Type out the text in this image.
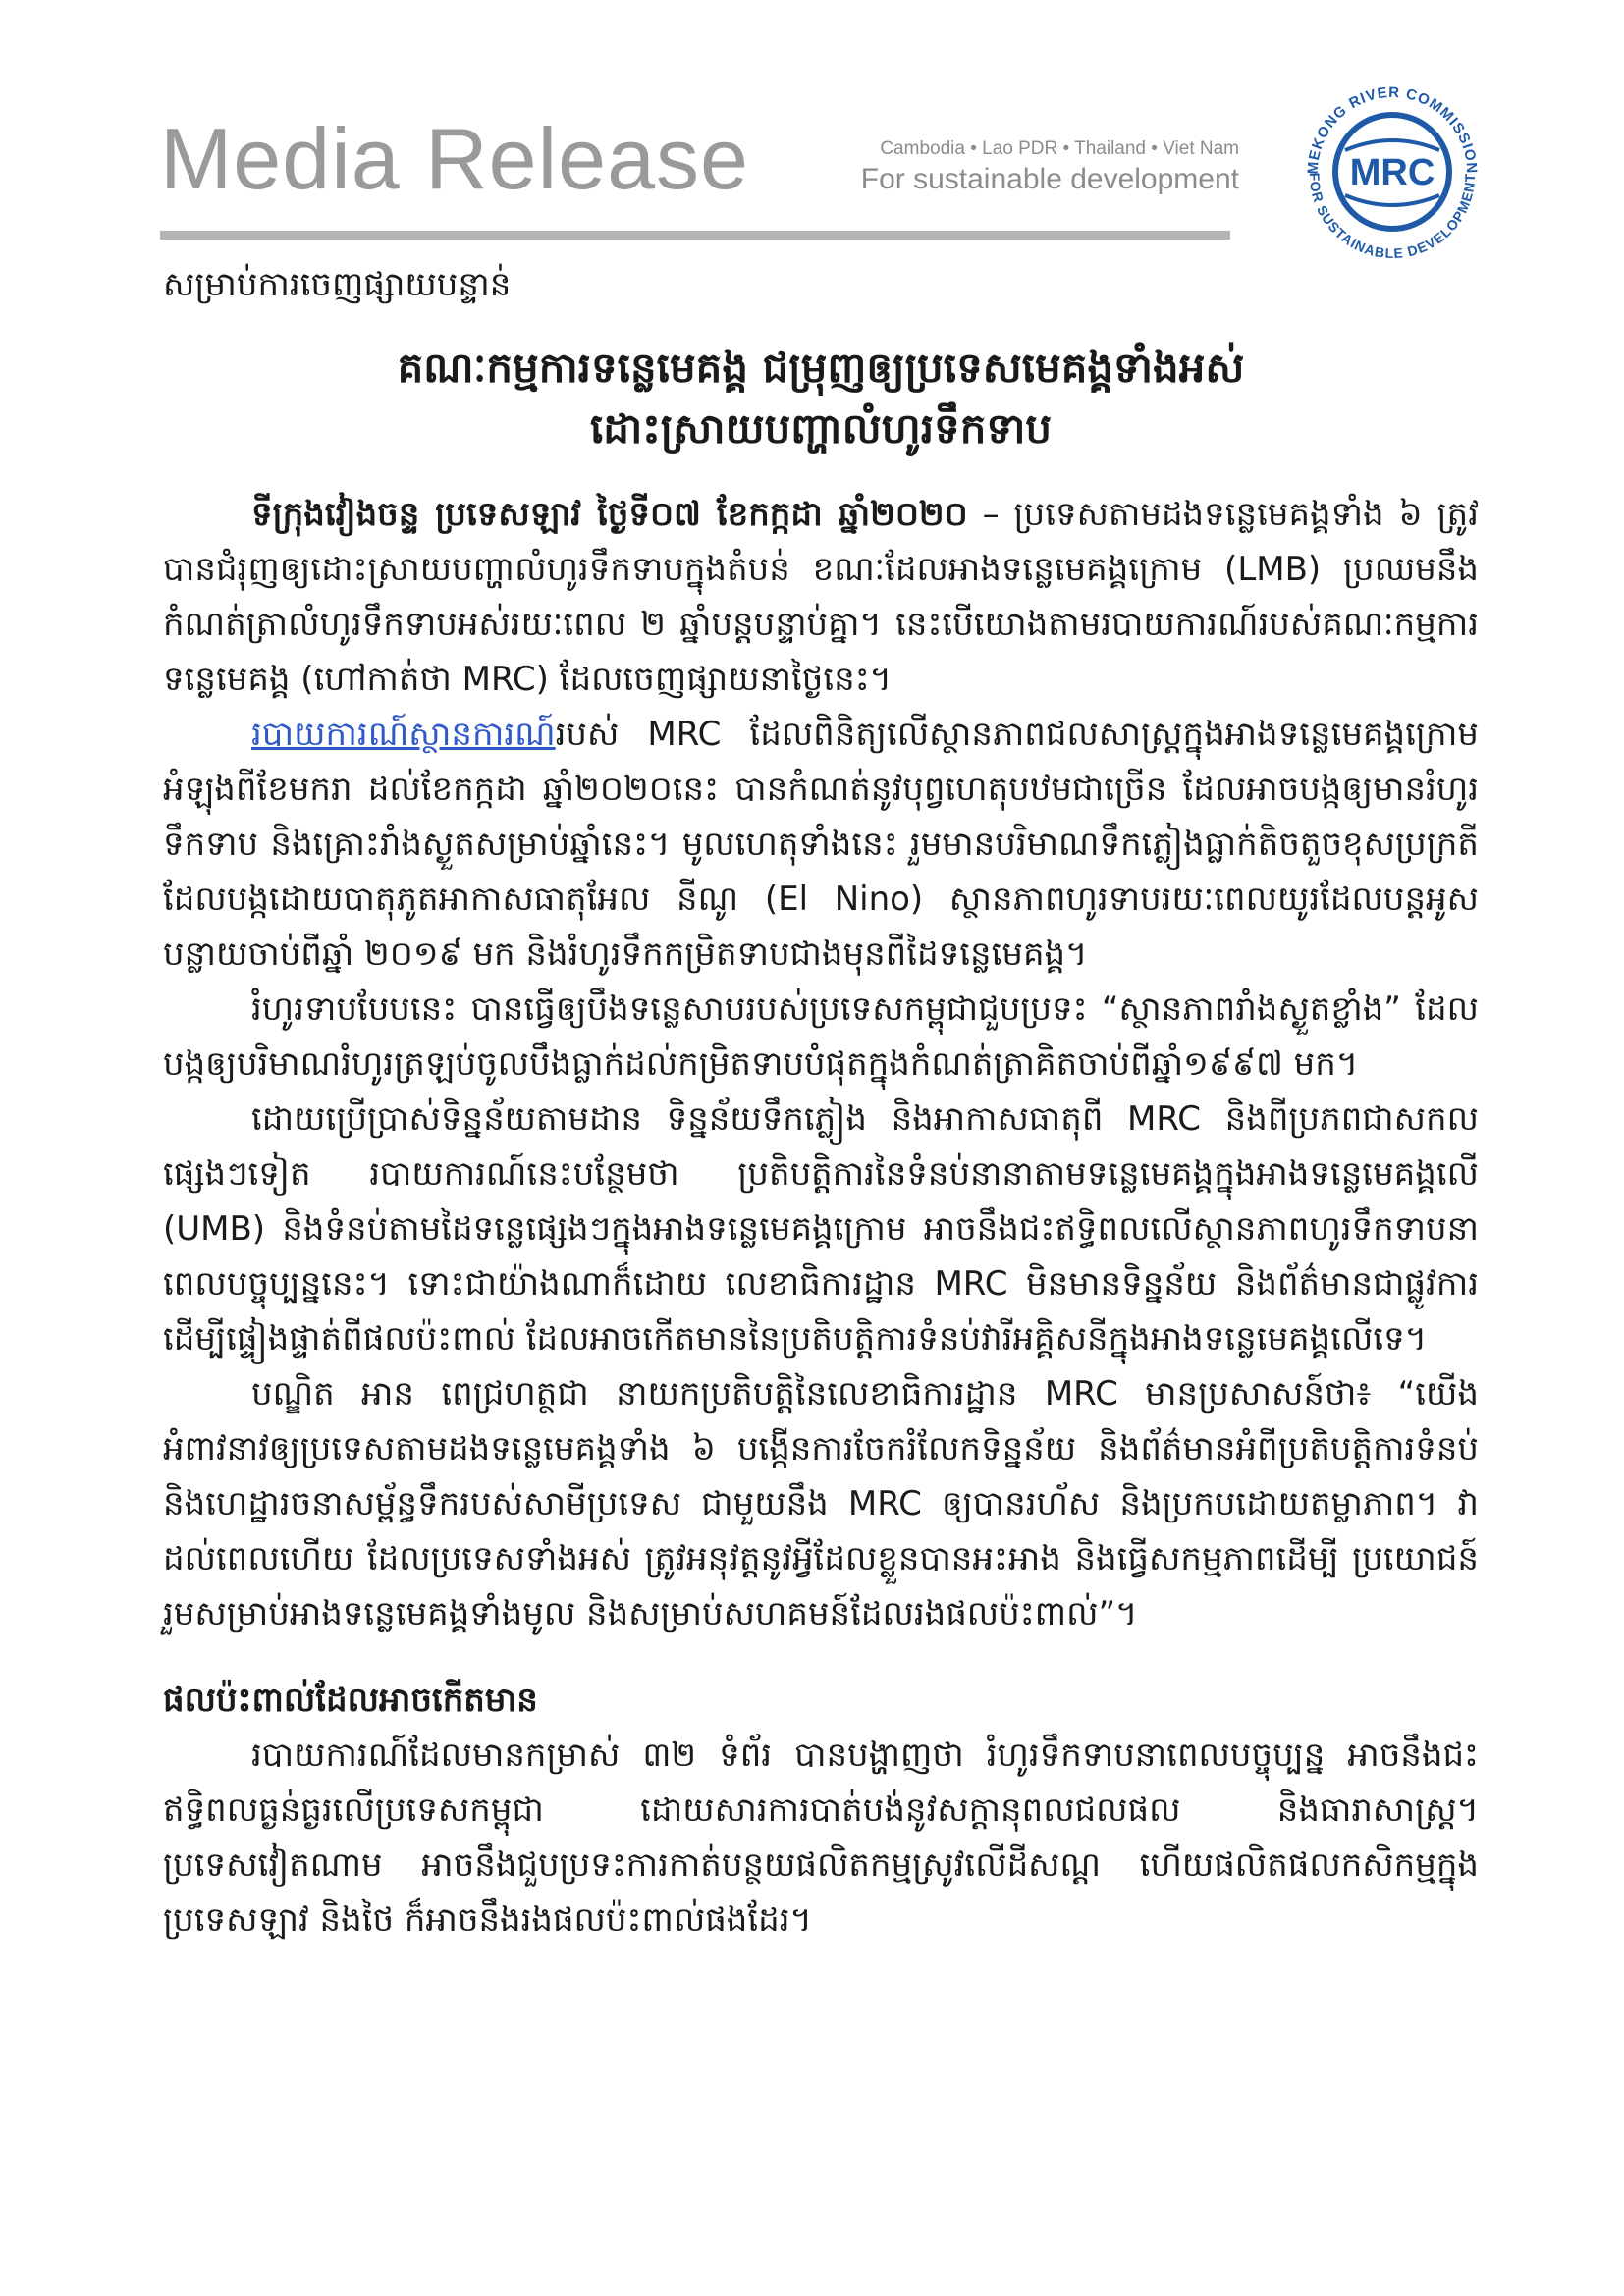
Media Release	Cambodia • Lao PDR • Thailand • Viet Nam
For sustainable development	MEKONG RIVER COMMISSION
FOR SUSTAINABLE DEVELOPMENT
MRC

សម្រាប់ការចេញផ្សាយបន្ទាន់

គណៈកម្មការទន្លេមេគង្គ ជម្រុញឲ្យប្រទេសមេគង្គទាំងអស់
ដោះស្រាយបញ្ហាលំហូរទឹកទាប

ទីក្រុងវៀងចន្ទ ប្រទេសឡាវ ថ្ងៃទី០៧ ខែកក្កដា ឆ្នាំ២០២០ – ប្រទេសតាមដងទន្លេមេគង្គទាំង ៦ ត្រូវបានជំរុញឲ្យដោះស្រាយបញ្ហាលំហូរទឹកទាបក្នុងតំបន់ ខណៈដែលអាងទន្លេមេគង្គក្រោម (LMB) ប្រឈមនឹងកំណត់ត្រាលំហូរទឹកទាបអស់រយៈពេល ២ ឆ្នាំបន្តបន្ទាប់គ្នា។ នេះបើយោងតាមរបាយការណ៍របស់គណៈកម្មការទន្លេមេគង្គ (ហៅកាត់ថា MRC) ដែលចេញផ្សាយនាថ្ងៃនេះ។

របាយការណ៍ស្ថានការណ៍របស់ MRC ដែលពិនិត្យលើស្ថានភាពជលសាស្ត្រក្នុងអាងទន្លេមេគង្គក្រោម អំឡុងពីខែមករា ដល់ខែកក្កដា ឆ្នាំ២០២០នេះ បានកំណត់នូវបុព្វហេតុបឋមជាច្រើន ដែលអាចបង្កឲ្យមានរំហូរទឹកទាប និងគ្រោះរាំងស្ងួតសម្រាប់ឆ្នាំនេះ។ មូលហេតុទាំងនេះ រួមមានបរិមាណទឹកភ្លៀងធ្លាក់តិចតួចខុសប្រក្រតីដែលបង្កដោយបាតុភូតអាកាសធាតុអែល នីណូ (El Nino) ស្ថានភាពហូរទាបរយៈពេលយូរដែលបន្តអូសបន្លាយចាប់ពីឆ្នាំ ២០១៩ មក និងរំហូរទឹកកម្រិតទាបជាងមុនពីដៃទន្លេមេគង្គ។

រំហូរទាបបែបនេះ បានធ្វើឲ្យបឹងទន្លេសាបរបស់ប្រទេសកម្ពុជាជួបប្រទះ “ស្ថានភាពរាំងស្ងួតខ្លាំង” ដែលបង្កឲ្យបរិមាណរំហូរត្រឡប់ចូលបឹងធ្លាក់ដល់កម្រិតទាបបំផុតក្នុងកំណត់ត្រាគិតចាប់ពីឆ្នាំ១៩៩៧ មក។

ដោយប្រើប្រាស់ទិន្នន័យតាមដាន ទិន្នន័យទឹកភ្លៀង និងអាកាសធាតុពី MRC និងពីប្រភពជាសកលផ្សេងៗទៀត របាយការណ៍នេះបន្ថែមថា ប្រតិបត្តិការនៃទំនប់នានាតាមទន្លេមេគង្គក្នុងអាងទន្លេមេគង្គលើ (UMB) និងទំនប់តាមដៃទន្លេផ្សេងៗក្នុងអាងទន្លេមេគង្គក្រោម អាចនឹងជះឥទ្ធិពលលើស្ថានភាពហូរទឹកទាបនាពេលបច្ចុប្បន្ននេះ។ ទោះជាយ៉ាងណាក៏ដោយ លេខាធិការដ្ឋាន MRC មិនមានទិន្នន័យ និងព័ត៌មានជាផ្លូវការ ដើម្បីផ្ទៀងផ្ទាត់ពីផលប៉ះពាល់ ដែលអាចកើតមាននៃប្រតិបត្តិការទំនប់វារីអគ្គិសនីក្នុងអាងទន្លេមេគង្គលើទេ។

បណ្ឌិត អាន ពេជ្រហត្ថជា នាយកប្រតិបត្តិនៃលេខាធិការដ្ឋាន MRC មានប្រសាសន៍ថា៖ “យើងអំពាវនាវឲ្យប្រទេសតាមដងទន្លេមេគង្គទាំង ៦ បង្កើនការចែករំលែកទិន្នន័យ និងព័ត៌មានអំពីប្រតិបត្តិការទំនប់ និងហេដ្ឋារចនាសម្ព័ន្ធទឹករបស់សាមីប្រទេស ជាមួយនឹង MRC ឲ្យបានរហ័ស និងប្រកបដោយតម្លាភាព។ វាដល់ពេលហើយ ដែលប្រទេសទាំងអស់ ត្រូវអនុវត្តនូវអ្វីដែលខ្លួនបានអះអាង និងធ្វើសកម្មភាពដើម្បី ប្រយោជន៍រួមសម្រាប់អាងទន្លេមេគង្គទាំងមូល និងសម្រាប់សហគមន៍ដែលរងផលប៉ះពាល់”។

ផលប៉ះពាល់ដែលអាចកើតមាន

របាយការណ៍ដែលមានកម្រាស់ ៣២ ទំព័រ បានបង្ហាញថា រំហូរទឹកទាបនាពេលបច្ចុប្បន្ន អាចនឹងជះឥទ្ធិពលធ្ងន់ធ្ងរលើប្រទេសកម្ពុជា ដោយសារការបាត់បង់នូវសក្ដានុពលជលផល និងធារាសាស្ត្រ។ ប្រទេសវៀតណាម អាចនឹងជួបប្រទះការកាត់បន្ថយផលិតកម្មស្រូវលើដីសណ្ដ ហើយផលិតផលកសិកម្មក្នុងប្រទេសឡាវ និងថៃ ក៏អាចនឹងរងផលប៉ះពាល់ផងដែរ។
